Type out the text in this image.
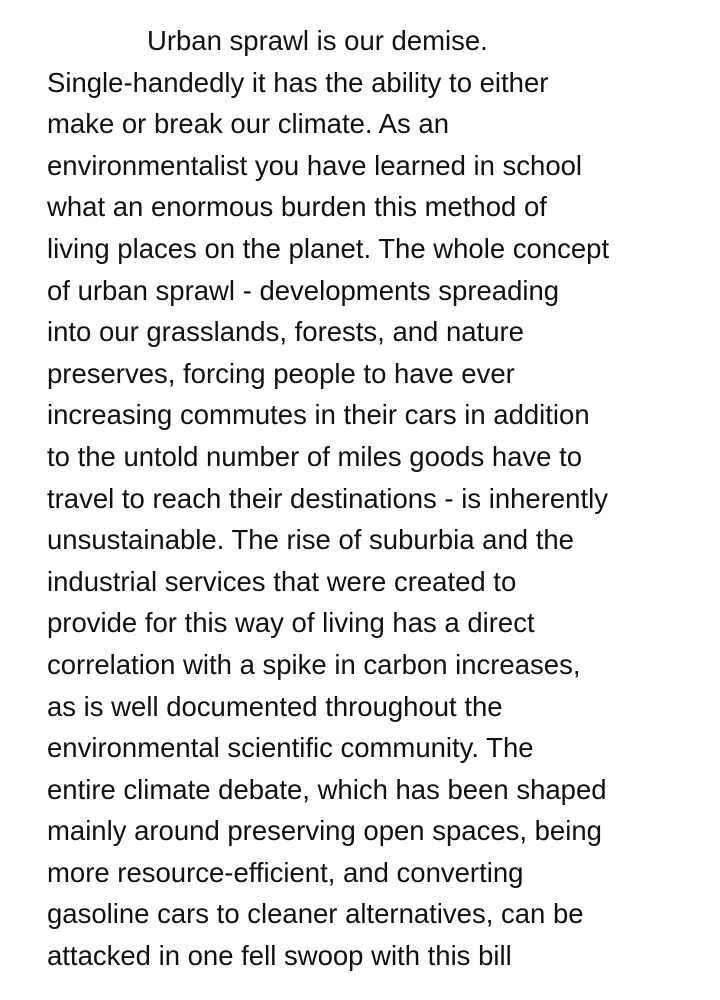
Urban sprawl is our demise.
Single-handedly it has the ability to either
make or break our climate. As an
environmentalist you have learned in school
what an enormous burden this method of
living places on the planet. The whole concept
of urban sprawl - developments spreading
into our grasslands, forests, and nature
preserves, forcing people to have ever
increasing commutes in their cars in addition
to the untold number of miles goods have to
travel to reach their destinations - is inherently
unsustainable. The rise of suburbia and the
industrial services that were created to
provide for this way of living has a direct
correlation with a spike in carbon increases,
as is well documented throughout the
environmental scientific community. The
entire climate debate, which has been shaped
mainly around preserving open spaces, being
more resource-efficient, and converting
gasoline cars to cleaner alternatives, can be
attacked in one fell swoop with this bill
